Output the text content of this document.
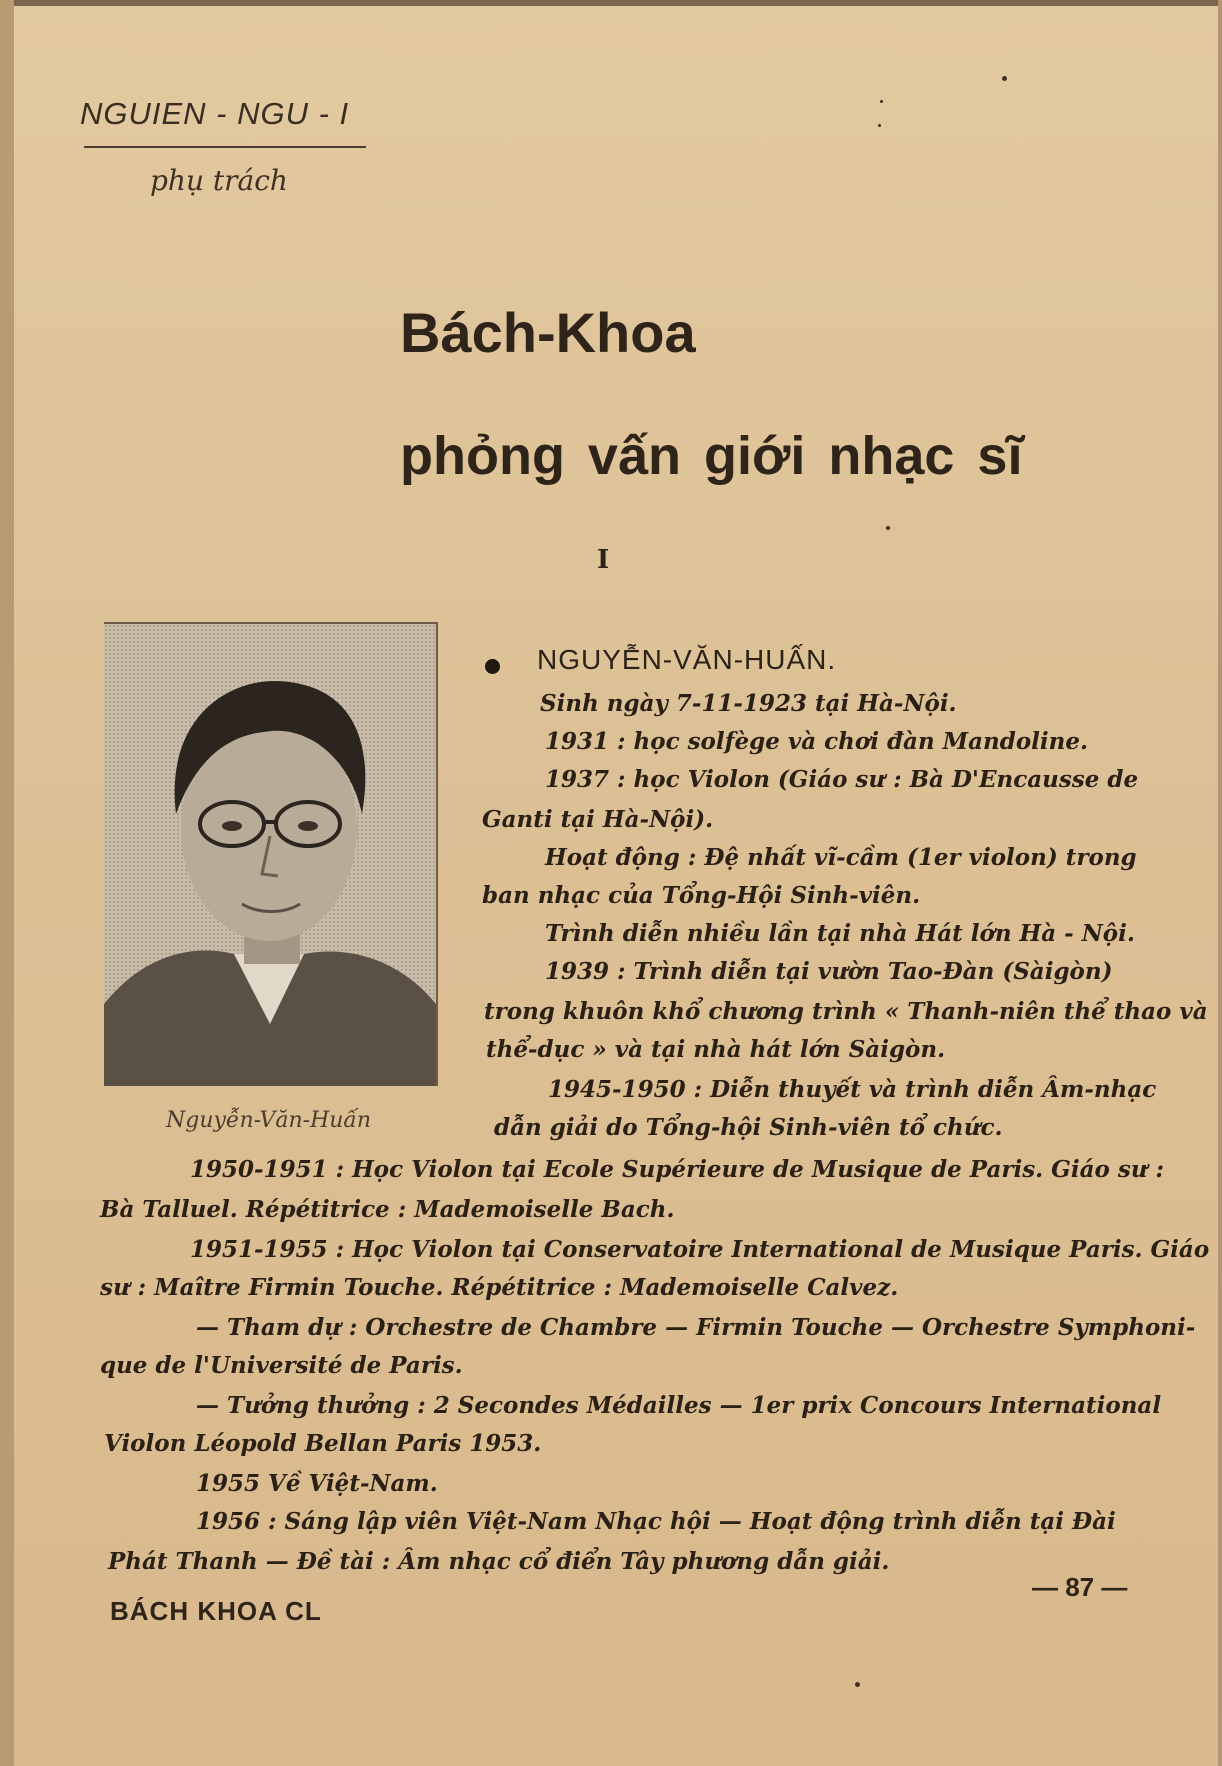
NGUIEN - NGU - I
phụ trách
Bách-Khoa
phỏng vấn giới nhạc sĩ
I
Nguyễn-Văn-Huấn
NGUYỄN-VĂN-HUẤN.
Sinh ngày 7-11-1923 tại Hà-Nội.
1931 : học solfège và chơi đàn Mandoline.
1937 : học Violon (Giáo sư : Bà D'Encausse de
Ganti tại Hà-Nội).
Hoạt động : Đệ nhất vĩ-cầm (1er violon) trong
ban nhạc của Tổng-Hội Sinh-viên.
Trình diễn nhiều lần tại nhà Hát lớn Hà - Nội.
1939 : Trình diễn tại vườn Tao-Đàn (Sàigòn)
trong khuôn khổ chương trình « Thanh-niên thể thao và
thể-dục » và tại nhà hát lớn Sàigòn.
1945-1950 : Diễn thuyết và trình diễn Âm-nhạc
dẫn giải do Tổng-hội Sinh-viên tổ chức.
1950-1951 : Học Violon tại Ecole Supérieure de Musique de Paris. Giáo sư :
Bà Talluel. Répétitrice : Mademoiselle Bach.
1951-1955 : Học Violon tại Conservatoire International de Musique Paris. Giáo
sư : Maître Firmin Touche. Répétitrice : Mademoiselle Calvez.
— Tham dự : Orchestre de Chambre — Firmin Touche — Orchestre Symphoni-
que de l'Université de Paris.
— Tưởng thưởng : 2 Secondes Médailles — 1er prix Concours International
Violon Léopold Bellan Paris 1953.
1955 Về Việt-Nam.
1956 : Sáng lập viên Việt-Nam Nhạc hội — Hoạt động trình diễn tại Đài
Phát Thanh — Đề tài : Âm nhạc cổ điển Tây phương dẫn giải.
BÁCH KHOA CL
— 87 —
